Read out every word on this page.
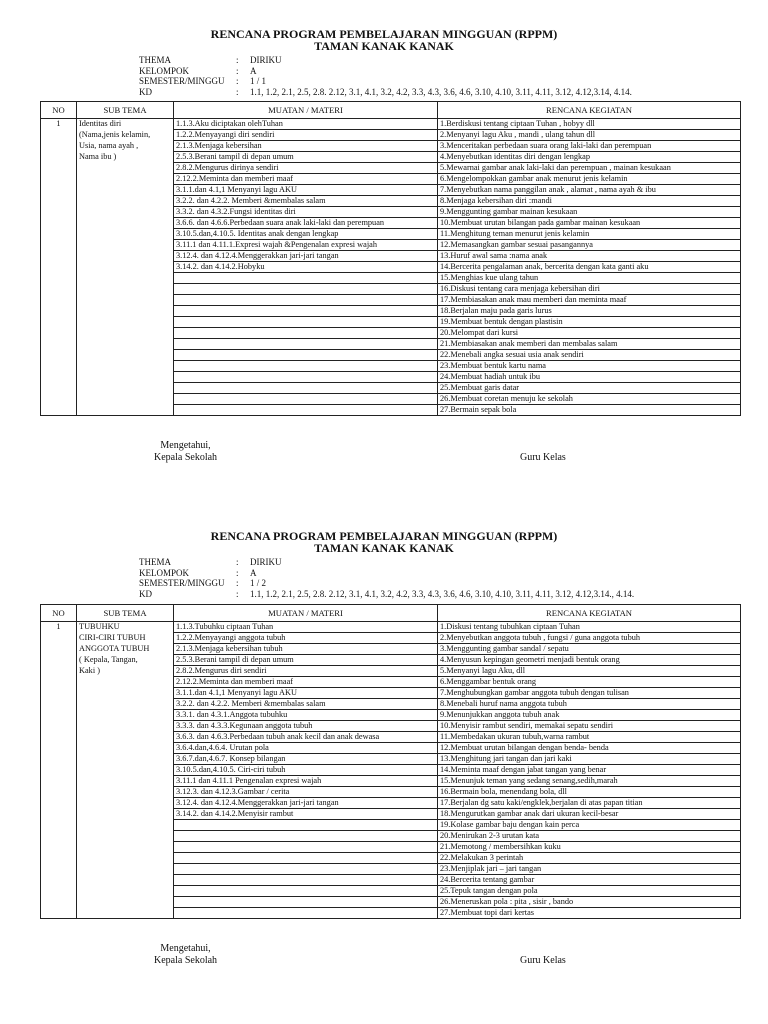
RENCANA PROGRAM PEMBELAJARAN MINGGUAN (RPPM)

TAMAN KANAK KANAK

THEMA	:	DIRIKU
KELOMPOK	:	A
SEMESTER/MINGGU	:	1 / 1
KD	:	1.1, 1.2, 2.1, 2.5, 2.8. 2.12, 3.1, 4.1, 3.2, 4.2, 3.3, 4.3, 3.6, 4.6, 3.10, 4.10, 3.11, 4.11, 3.12, 4.12,3.14, 4.14.
NO	SUB TEMA	MUATAN / MATERI	RENCANA KEGIATAN
1	Identitas diri	1.1.3.Aku diciptakan olehTuhan	1.Berdiskusi tentang ciptaan Tuhan , hobyy dll
	(Nama,jenis kelamin,	1.2.2.Menyayangi diri sendiri	2.Menyanyi lagu Aku , mandi , ulang tahun dll
	Usia, nama ayah ,	2.1.3.Menjaga kebersihan	3.Menceritakan perbedaan suara orang laki-laki dan perempuan
	Nama ibu )	2.5.3.Berani tampil di depan umum	4.Menyebutkan identitas diri dengan lengkap
		2.8.2.Mengurus dirinya sendiri	5.Mewarnai gambar anak laki-laki dan perempuan , mainan kesukaan
		2.12.2.Meminta dan memberi maaf	6.Mengelompokkan gambar anak menurut jenis kelamin
		3.1.1.dan 4.1,1 Menyanyi lagu AKU	7.Menyebutkan nama panggilan anak , alamat , nama ayah & ibu
		3.2.2. dan 4.2.2. Memberi &membalas salam	8.Menjaga kebersihan diri :mandi
		3.3.2. dan 4.3.2.Fungsi identitas diri	9.Menggunting gambar mainan kesukaan
		3.6.6. dan 4.6.6.Perbedaan suara anak laki-laki dan perempuan	10.Membuat urutan bilangan pada gambar mainan kesukaan
		3.10.5.dan,4.10.5. Identitas anak dengan lengkap	11.Menghitung teman menurut jenis kelamin
		3.11.1 dan 4.11.1.Expresi wajah &Pengenalan expresi wajah	12.Memasangkan gambar sesuai pasangannya
		3.12.4. dan 4.12.4.Menggerakkan jari-jari tangan	13.Huruf awal sama :nama anak
		3.14.2. dan 4.14.2.Hobyku	14.Bercerita pengalaman anak, bercerita dengan kata ganti aku
			15.Menghias kue ulang tahun
			16.Diskusi tentang cara menjaga kebersihan diri
			17.Membiasakan anak mau memberi dan meminta maaf
			18.Berjalan maju pada garis lurus
			19.Membuat bentuk dengan plastisin
			20.Melompat dari kursi
			21.Membiasakan anak memberi dan membalas salam
			22.Menebali angka sesuai usia anak sendiri
			23.Membuat bentuk kartu nama
			24.Membuat hadiah untuk ibu
			25.Membuat garis datar
			26.Membuat coretan menuju ke sekolah
			27.Bermain sepak bola
Mengetahui,
Kepala Sekolah	Guru Kelas

RENCANA PROGRAM PEMBELAJARAN MINGGUAN (RPPM)

TAMAN KANAK KANAK

THEMA	:	DIRIKU
KELOMPOK	:	A
SEMESTER/MINGGU	:	1 / 2
KD	:	1.1, 1.2, 2.1, 2.5, 2.8. 2.12, 3.1, 4.1, 3.2, 4.2, 3.3, 4.3, 3.6, 4.6, 3.10, 4.10, 3.11, 4.11, 3.12, 4.12,3.14., 4.14.
NO	SUB TEMA	MUATAN / MATERI	RENCANA KEGIATAN
1	TUBUHKU	1.1.3.Tubuhku ciptaan Tuhan	1.Diskusi tentang tubuhkan ciptaan Tuhan
	CIRI-CIRI TUBUH	1.2.2.Menyayangi anggota tubuh	2.Menyebutkan anggota tubuh , fungsi / guna anggota tubuh
	ANGGOTA TUBUH	2.1.3.Menjaga kebersihan tubuh	3.Menggunting gambar sandal / sepatu
	( Kepala, Tangan,	2.5.3.Berani tampil di depan umum	4.Menyusun kepingan geometri menjadi bentuk orang
	Kaki )	2.8.2.Mengurus diri sendiri	5.Menyanyi lagu Aku, dll
		2.12.2.Meminta dan memberi maaf	6.Menggambar bentuk orang
		3.1.1.dan 4.1,1 Menyanyi lagu AKU	7.Menghubungkan gambar anggota tubuh dengan tulisan
		3.2.2. dan 4.2.2. Memberi &membalas salam	8.Menebali huruf nama anggota tubuh
		3.3.1. dan 4.3.1.Anggota tubuhku	9.Menunjukkan anggota tubuh anak
		3.3.3. dan 4.3.3.Kegunaan anggota tubuh	10.Menyisir rambut sendiri, memakai sepatu sendiri
		3.6.3. dan 4.6.3.Perbedaan tubuh anak kecil dan anak dewasa	11.Membedakan ukuran tubuh,warna rambut
		3.6.4.dan,4.6.4. Urutan pola	12.Membuat urutan bilangan dengan benda- benda
		3.6.7.dan,4.6.7. Konsep bilangan	13.Menghitung jari tangan dan jari kaki
		3.10.5.dan,4.10.5. Ciri-ciri tubuh	14.Meminta maaf dengan jabat tangan yang benar
		3.11.1 dan 4.11.1 Pengenalan expresi wajah	15.Menunjuk teman yang sedang senang,sedih,marah
		3.12.3. dan 4.12.3.Gambar / cerita	16.Bermain bola, menendang bola, dll
		3.12.4. dan 4.12.4.Menggerakkan jari-jari tangan	17.Berjalan dg satu kaki/engklek,berjalan di atas papan titian
		3.14.2. dan 4.14.2.Menyisir rambut	18.Mengurutkan gambar anak dari ukuran kecil-besar
			19.Kolase gambar baju dengan kain perca
			20.Menirukan 2-3 urutan kata
			21.Memotong / membersihkan kuku
			22.Melakukan 3 perintah
			23.Menjiplak jari – jari tangan
			24.Bercerita tentang gambar
			25.Tepuk tangan dengan pola
			26.Meneruskan pola : pita , sisir , bando
			27.Membuat topi dari kertas
Mengetahui,
Kepala Sekolah	Guru Kelas
